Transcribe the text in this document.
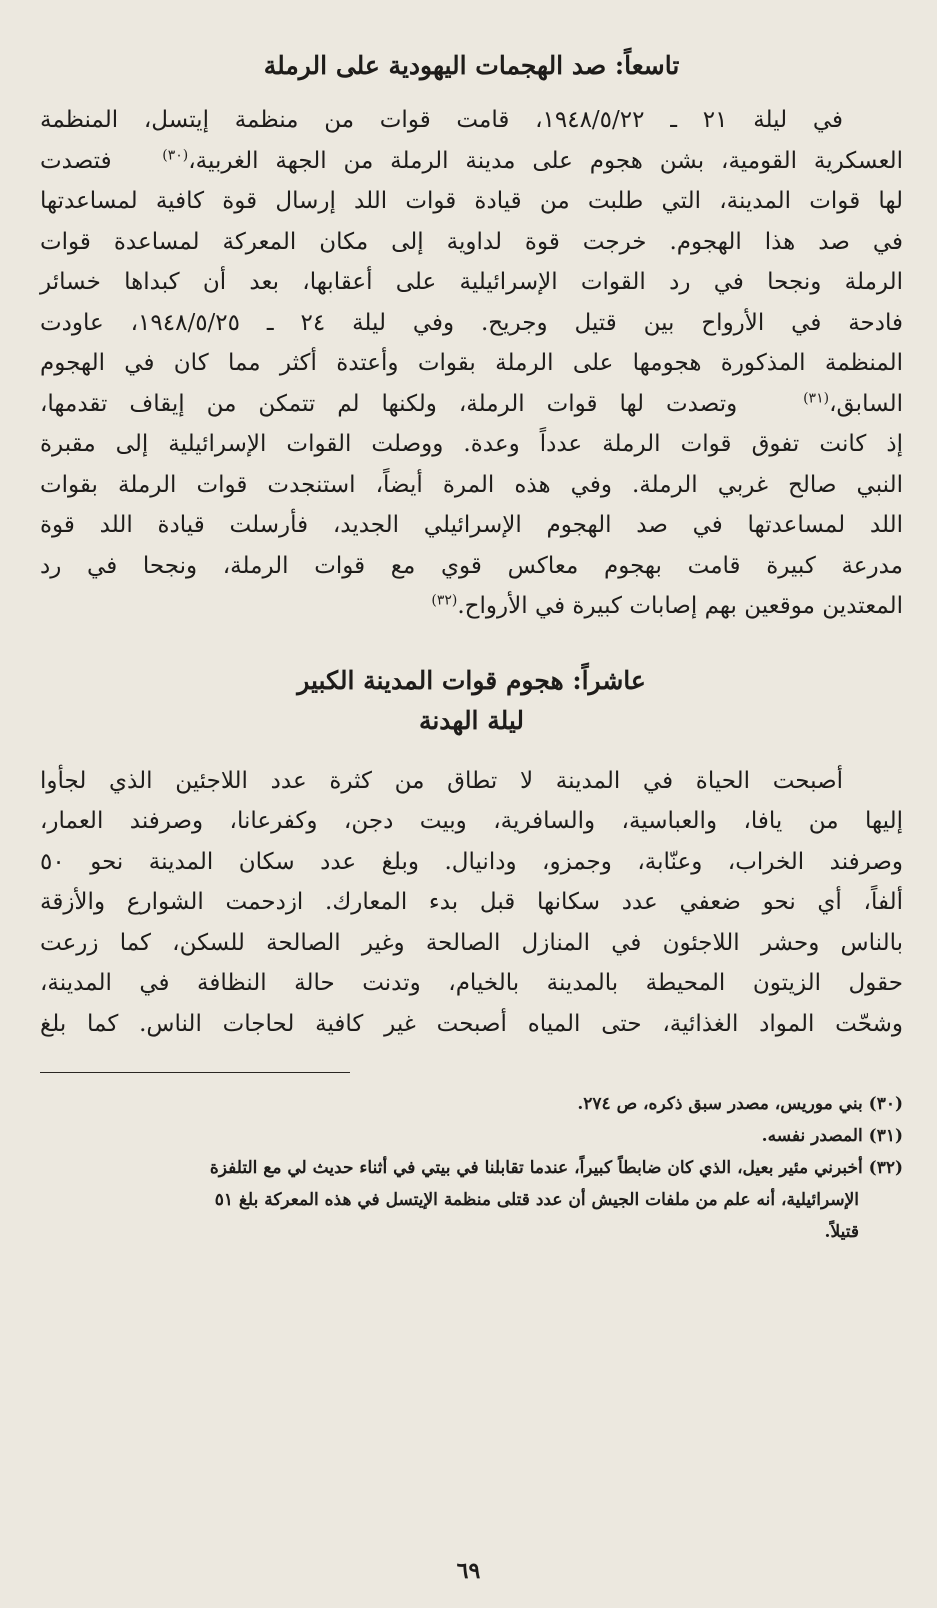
تاسعاً: صد الهجمات اليهودية على الرملة
في ليلة ٢١ ـ ١٩٤٨/٥/٢٢، قامت قوات من منظمة إيتسل، المنظمة
العسكرية القومية، بشن هجوم على مدينة الرملة من الجهة الغربية،$^{(٣٠)}$   فتصدت
لها قوات المدينة، التي طلبت من قيادة قوات اللد إرسال قوة كافية لمساعدتها
في صد هذا الهجوم. خرجت قوة لداوية إلى مكان المعركة لمساعدة قوات
الرملة ونجحا في رد القوات الإسرائيلية على أعقابها، بعد أن كبداها خسائر
فادحة في الأرواح بين قتيل وجريح. وفي ليلة ٢٤ ـ ١٩٤٨/٥/٢٥، عاودت
المنظمة المذكورة هجومها على الرملة بقوات وأعتدة أكثر مما كان في الهجوم
السابق،$^{(٣١)}$   وتصدت لها قوات الرملة، ولكنها لم تتمكن من إيقاف تقدمها،
إذ كانت تفوق قوات الرملة عدداً وعدة. ووصلت القوات الإسرائيلية إلى مقبرة
النبي صالح غربي الرملة. وفي هذه المرة أيضاً، استنجدت قوات الرملة بقوات
اللد لمساعدتها في صد الهجوم الإسرائيلي الجديد، فأرسلت قيادة اللد قوة
مدرعة كبيرة قامت بهجوم معاكس قوي مع قوات الرملة، ونجحا في رد
المعتدين موقعين بهم إصابات كبيرة في الأرواح.$^{(٣٢)}$
عاشراً: هجوم قوات المدينة الكبير
ليلة الهدنة
أصبحت الحياة في المدينة لا تطاق من كثرة عدد اللاجئين الذي لجأوا
إليها من يافا، والعباسية، والسافرية، وبيت دجن، وكفرعانا، وصرفند العمار،
وصرفند الخراب، وعنّابة، وجمزو، ودانيال. وبلغ عدد سكان المدينة نحو ٥٠
ألفاً، أي نحو ضعفي عدد سكانها قبل بدء المعارك. ازدحمت الشوارع والأزقة
بالناس وحشر اللاجئون في المنازل الصالحة وغير الصالحة للسكن، كما زرعت
حقول الزيتون المحيطة بالمدينة بالخيام، وتدنت حالة النظافة في المدينة،
وشحّت المواد الغذائية، حتى المياه أصبحت غير كافية لحاجات الناس. كما بلغ

(٣٠) بني موريس، مصدر سبق ذكره، ص ٢٧٤.

(٣١) المصدر نفسه.

(٣٢) أخبرني مئير بعيل، الذي كان ضابطاً كبيراً، عندما تقابلنا في بيتي في أثناء حديث لي مع التلفزة

الإسرائيلية، أنه علم من ملفات الجيش أن عدد قتلى منظمة الإيتسل في هذه المعركة بلغ ٥١

قتيلاً.

٦٩
